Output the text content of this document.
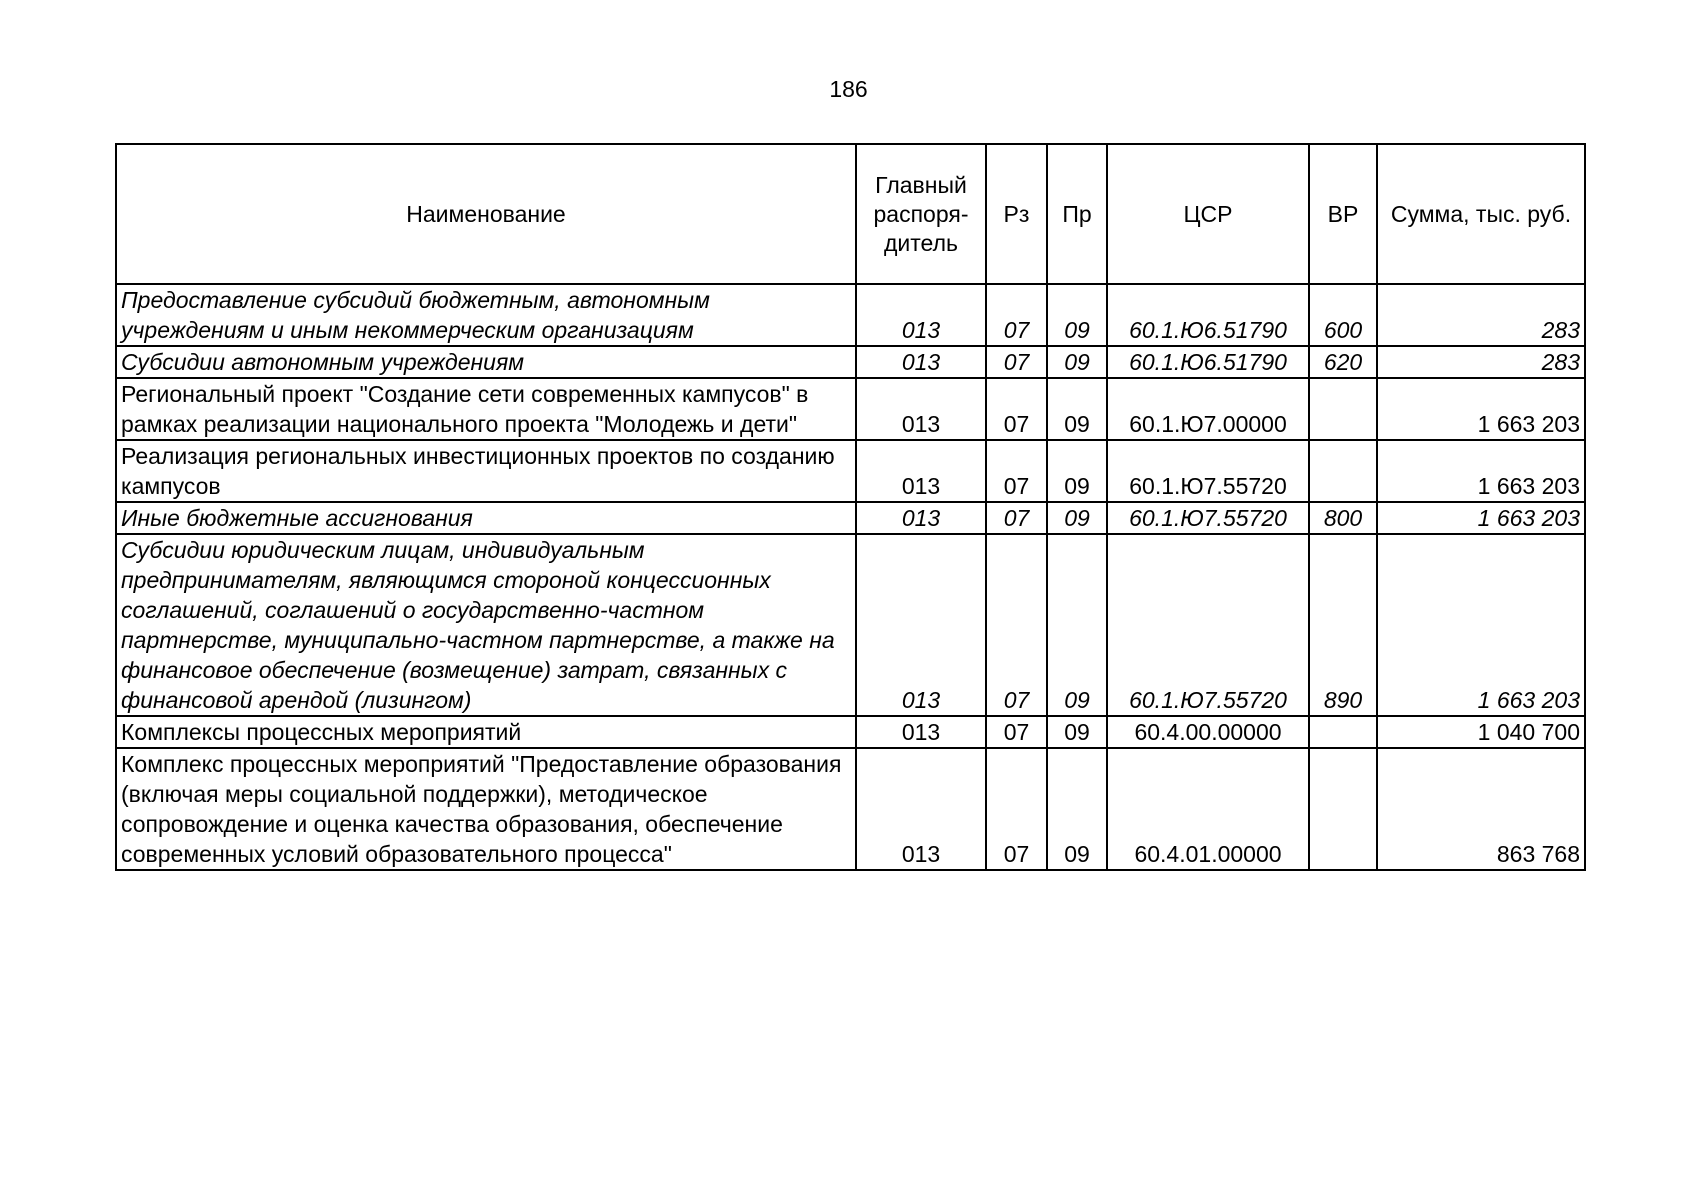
186
Наименование	Главный распоря-дитель	Рз	Пр	ЦСР	ВР	Сумма, тыс. руб.
Предоставление субсидий бюджетным, автономным учреждениям и иным некоммерческим организациям	013	07	09	60.1.Ю6.51790	600	283
Субсидии автономным учреждениям	013	07	09	60.1.Ю6.51790	620	283
Региональный проект "Создание сети современных кампусов" в рамках реализации национального проекта "Молодежь и дети"	013	07	09	60.1.Ю7.00000		1 663 203
Реализация региональных инвестиционных проектов по созданию кампусов	013	07	09	60.1.Ю7.55720		1 663 203
Иные бюджетные ассигнования	013	07	09	60.1.Ю7.55720	800	1 663 203
Субсидии юридическим лицам, индивидуальным предпринимателям, являющимся стороной концессионных соглашений, соглашений о государственно-частном партнерстве, муниципально-частном партнерстве, а также на финансовое обеспечение (возмещение) затрат, связанных с финансовой арендой (лизингом)	013	07	09	60.1.Ю7.55720	890	1 663 203
Комплексы процессных мероприятий	013	07	09	60.4.00.00000		1 040 700
Комплекс процессных мероприятий "Предоставление образования (включая меры социальной поддержки), методическое сопровождение и оценка качества образования, обеспечение современных условий образовательного процесса"	013	07	09	60.4.01.00000		863 768
